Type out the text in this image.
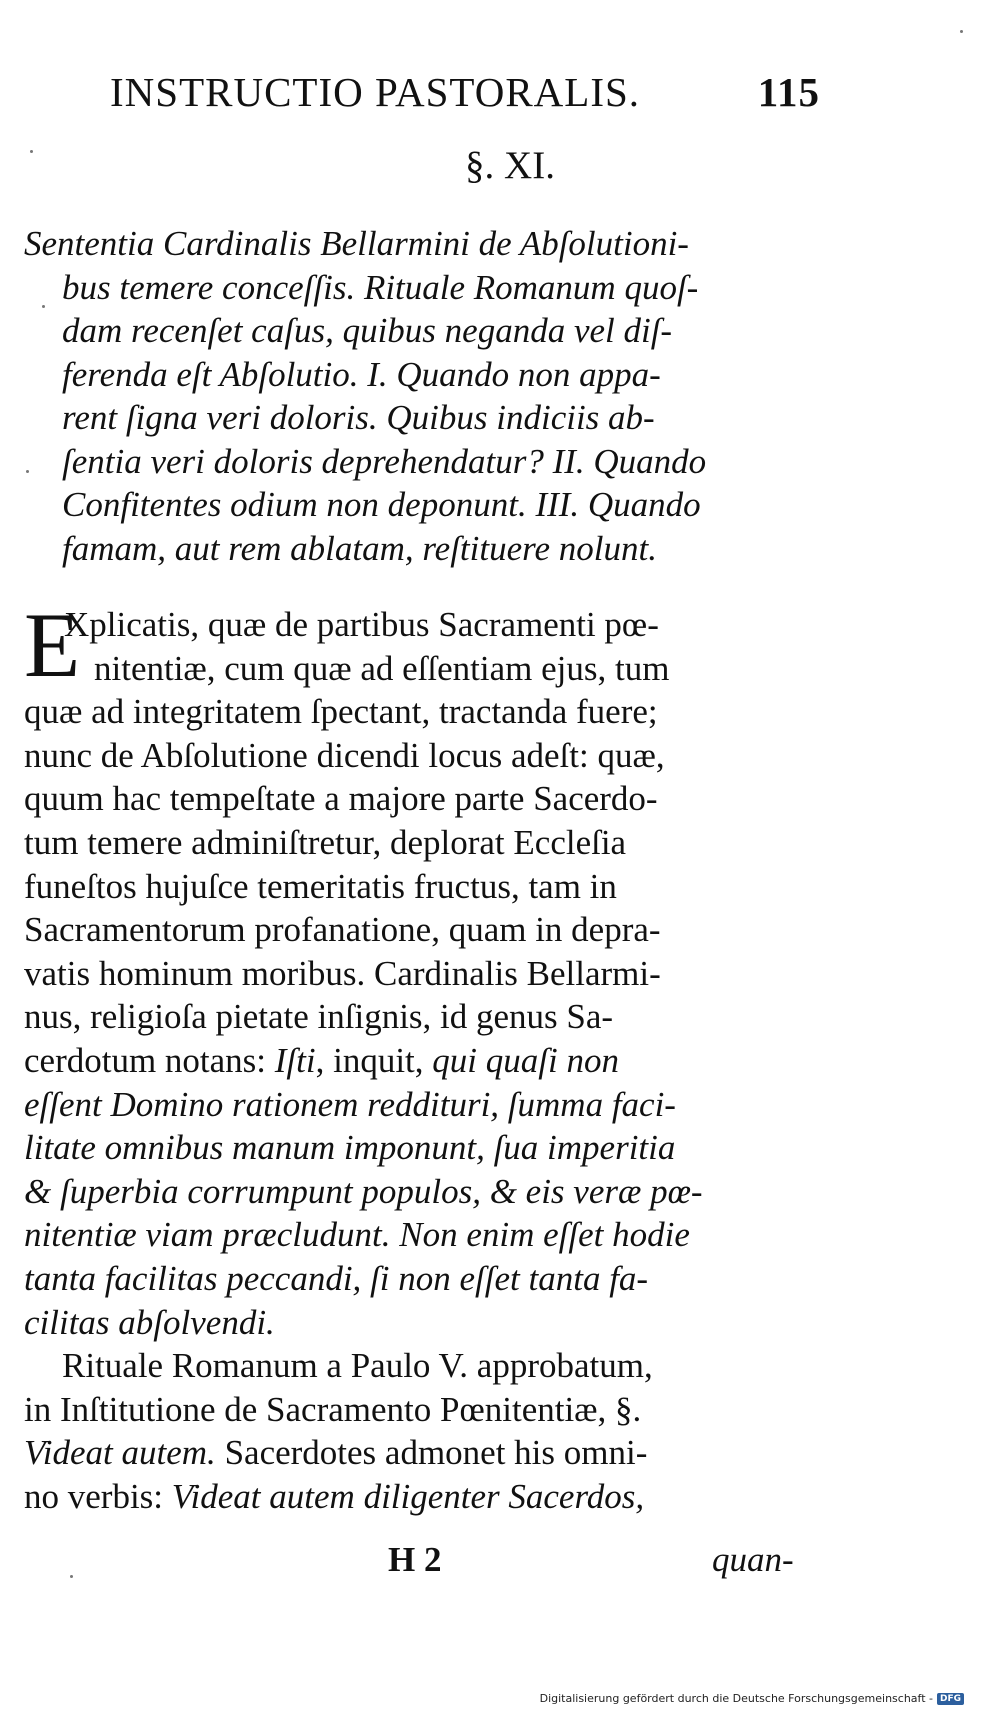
INSTRUCTIO PASTORALIS.	115
§. XI.
Sententia Cardinalis Bellarmini de Abſolutioni-
bus temere conceſſis. Rituale Romanum quoſ-
dam recenſet caſus, quibus neganda vel diſ-
ferenda eſt Abſolutio. I. Quando non appa-
rent ſigna veri doloris. Quibus indiciis ab-
ſentia veri doloris deprehendatur? II. Quando
Confitentes odium non deponunt. III. Quando
famam, aut rem ablatam, reſtituere nolunt.
E
Xplicatis, quæ de partibus Sacramenti pœ-
nitentiæ, cum quæ ad eſſentiam ejus, tum
quæ ad integritatem ſpectant, tractanda fuere;
nunc de Abſolutione dicendi locus adeſt: quæ,
quum hac tempeſtate a majore parte Sacerdo-
tum temere adminiſtretur, deplorat Eccleſia
funeſtos hujuſce temeritatis fructus, tam in
Sacramentorum profanatione, quam in depra-
vatis hominum moribus. Cardinalis Bellarmi-
nus, religioſa pietate inſignis, id genus Sa-
cerdotum notans: Iſti, inquit, qui quaſi non
eſſent Domino rationem reddituri, ſumma faci-
litate omnibus manum imponunt, ſua imperitia
& ſuperbia corrumpunt populos, & eis veræ pœ-
nitentiæ viam præcludunt. Non enim eſſet hodie
tanta facilitas peccandi, ſi non eſſet tanta fa-
cilitas abſolvendi.
Rituale Romanum a Paulo V. approbatum,
in Inſtitutione de Sacramento Pœnitentiæ, §.
Videat autem. Sacerdotes admonet his omni-
no verbis: Videat autem diligenter Sacerdos,
H 2	quan-
Digitalisierung gefördert durch die Deutsche Forschungsgemeinschaft - DFG
